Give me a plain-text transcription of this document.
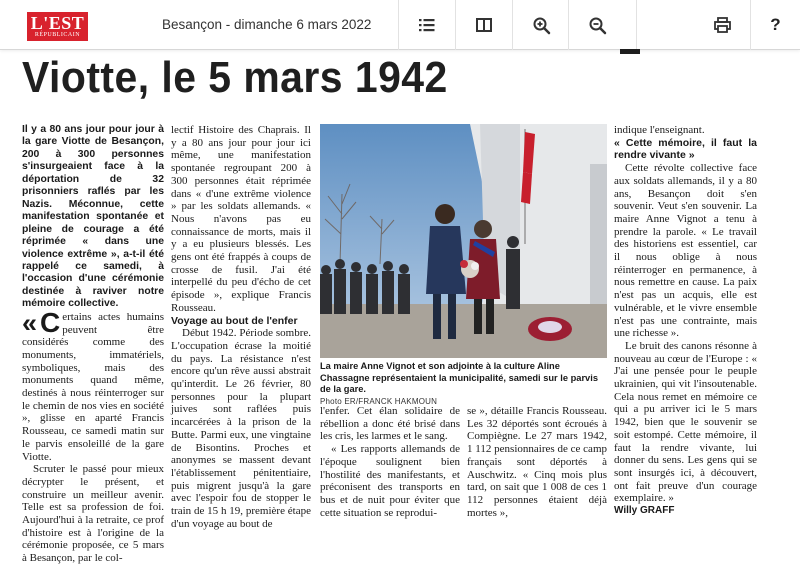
L'EST
RÉPUBLICAIN
Besançon - dimanche 6 mars 2022	?
Viotte, le 5 mars 1942

Il y a 80 ans jour pour jour à la gare Viotte de Besançon, 200 à 300 personnes s'insurgeaient face à la déportation de 32 prisonniers raflés par les Nazis. Méconnue, cette manifestation spontanée et pleine de courage a été réprimée « dans une violence extrême », a-t-il été rappelé ce samedi, à l'occasion d'une cérémonie destinée à raviver notre mémoire collective.

« C ertains actes humains peuvent être considérés comme des monuments, immatériels, symboliques, mais des monuments quand même, destinés à nous réinterroger sur le chemin de nos vies en société », glisse en aparté Francis Rousseau, ce samedi matin sur le parvis ensoleillé de la gare Viotte.

Scruter le passé pour mieux décrypter le présent, et construire un meilleur avenir. Telle est sa profession de foi. Aujourd'hui à la retraite, ce prof d'histoire est à l'origine de la cérémonie proposée, ce 5 mars à Besançon, par le col-

lectif Histoire des Chaprais. Il y a 80 ans jour pour jour ici même, une manifestation spontanée regroupant 200 à 300 personnes était réprimée dans « d'une extrême violence » par les soldats allemands. « Nous n'avons pas eu connaissance de morts, mais il y a eu plusieurs blessés. Les gens ont été frappés à coups de crosse de fusil. J'ai été interpellé du peu d'écho de cet épisode », explique Francis Rousseau.

Voyage au bout de l'enfer

Début 1942. Période sombre. L'occupation écrase la moitié du pays. La résistance n'est encore qu'un rêve aussi abstrait qu'interdit. Le 26 février, 80 personnes pour la plupart juives sont raflées puis incarcérées à la prison de la Butte. Parmi eux, une vingtaine de Bisontins. Proches et anonymes se massent devant l'établissement pénitentiaire, puis migrent jusqu'à la gare avec l'espoir fou de stopper le train de 15 h 19, première étape d'un voyage au bout de

La maire Anne Vignot et son adjointe à la culture Aline Chassagne représentaient la municipalité, samedi sur le parvis de la gare.
Photo ER/FRANCK HAKMOUN

l'enfer. Cet élan solidaire de rébellion a donc été brisé dans les cris, les larmes et le sang.

« Les rapports allemands de l'époque soulignent bien l'hostilité des manifestants, et préconisent des transports en bus et de nuit pour éviter que cette situation se reprodui-

se », détaille Francis Rousseau. Les 32 déportés sont écroués à Compiègne. Le 27 mars 1942, 1 112 pensionnaires de ce camp français sont déportés à Auschwitz. « Cinq mois plus tard, on sait que 1 008 de ces 1 112 personnes étaient déjà mortes »,

indique l'enseignant.

« Cette mémoire, il faut la rendre vivante »

Cette révolte collective face aux soldats allemands, il y a 80 ans, Besançon doit s'en souvenir. Veut s'en souvenir. La maire Anne Vignot a tenu à prendre la parole. « Le travail des historiens est essentiel, car il nous oblige à nous réinterroger en permanence, à nous remettre en cause. La paix n'est pas un acquis, elle est vulnérable, et le vivre ensemble n'est pas une contrainte, mais une richesse ».

Le bruit des canons résonne à nouveau au cœur de l'Europe : « J'ai une pensée pour le peuple ukrainien, qui vit l'insoutenable. Cela nous remet en mémoire ce qui a pu arriver ici le 5 mars 1942, bien que le souvenir se soit estompé. Cette mémoire, il faut la rendre vivante, lui donner du sens. Les gens qui se sont insurgés ici, à découvert, ont fait preuve d'un courage exemplaire. »

Willy GRAFF
